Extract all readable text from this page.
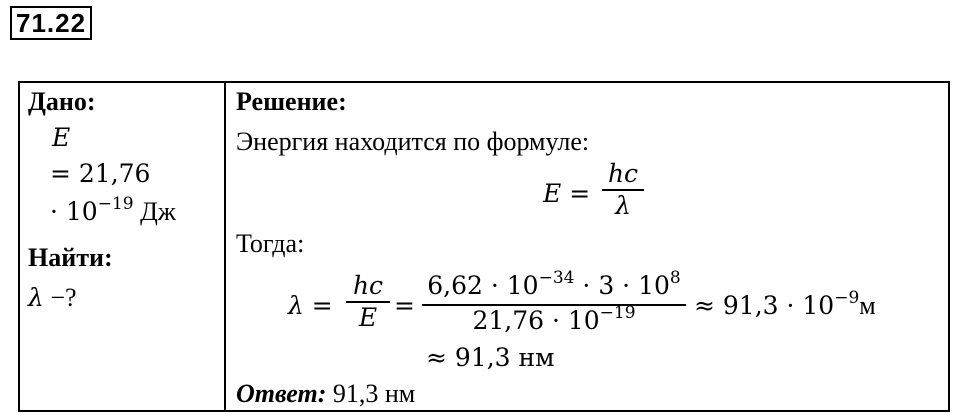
71.22
Дано:
E
= 21,76
· $10^{-19}$ Дж
Найти:
λ −?
Решение:
Энергия находится по формуле:
E =
hc
λ
Тогда:
λ =
hc
E =
$6,62 \cdot 10^{-34} \cdot 3 \cdot 10^8$
$21,76 \cdot 10^{-19} \approx 91,3 \cdot 10^{-9}м$
≈ 91,3 нм
Ответ: 91,3 нм
